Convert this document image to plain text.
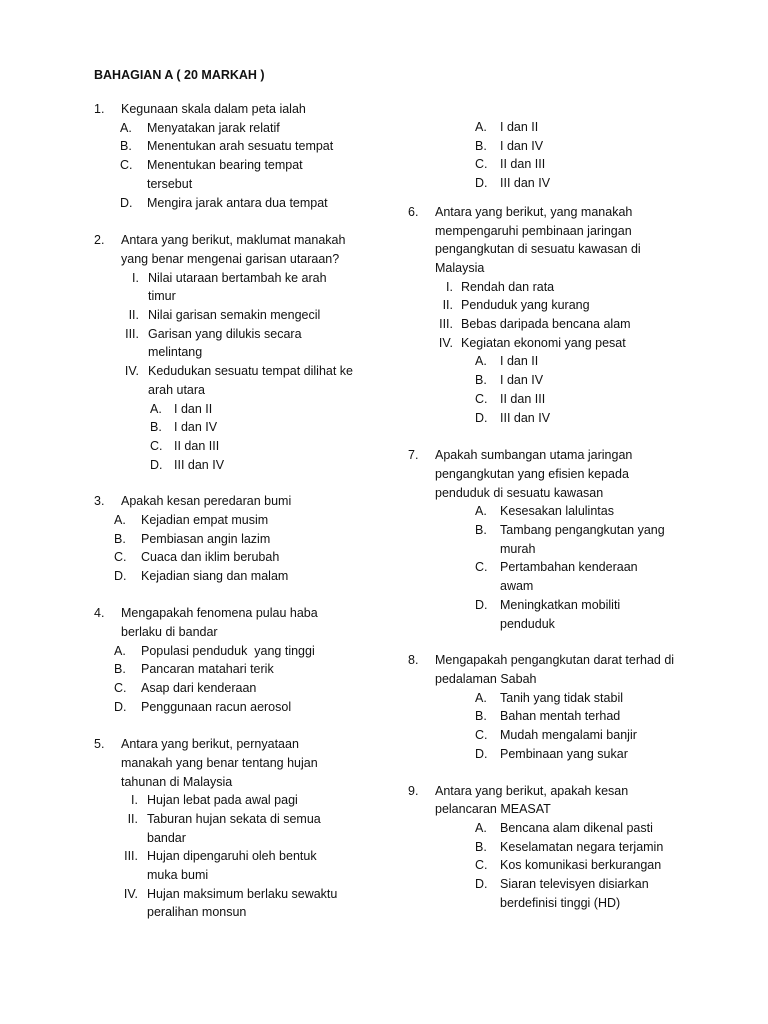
BAHAGIAN A ( 20 MARKAH )
1.	Kegunaan skala dalam peta ialah
A.	Menyatakan jarak relatif
B.	Menentukan arah sesuatu tempat
C.	Menentukan bearing tempat tersebut
D.	Mengira jarak antara dua tempat
2.	Antara yang berikut, maklumat manakah yang benar mengenai garisan utaraan?
I. Nilai utaraan bertambah ke arah timur
II. Nilai garisan semakin mengecil
III. Garisan yang dilukis secara melintang
IV. Kedudukan sesuatu tempat dilihat ke arah utara
A. I dan II
B. I dan IV
C. II dan III
D. III dan IV
3.	Apakah kesan peredaran bumi
A.	Kejadian empat musim
B.	Pembiasan angin lazim
C.	Cuaca dan iklim berubah
D.	Kejadian siang dan malam
4.	Mengapakah fenomena pulau haba berlaku di bandar
A.	Populasi penduduk  yang tinggi
B.	Pancaran matahari terik
C.	Asap dari kenderaan
D.	Penggunaan racun aerosol
5.	Antara yang berikut, pernyataan manakah yang benar tentang hujan tahunan di Malaysia
I. Hujan lebat pada awal pagi
II. Taburan hujan sekata di semua bandar
III. Hujan dipengaruhi oleh bentuk muka bumi
IV. Hujan maksimum berlaku sewaktu peralihan monsun
A.	I dan II
B.	I dan IV
C.	II dan III
D.	III dan IV
6.	Antara yang berikut, yang manakah mempengaruhi pembinaan jaringan pengangkutan di sesuatu kawasan di Malaysia
I. Rendah dan rata
II. Penduduk yang kurang
III. Bebas daripada bencana alam
IV. Kegiatan ekonomi yang pesat
A.	I dan II
B.	I dan IV
C.	II dan III
D.	III dan IV
7.	Apakah sumbangan utama jaringan pengangkutan yang efisien kepada penduduk di sesuatu kawasan
A.	Kesesakan lalulintas
B.	Tambang pengangkutan yang murah
C.	Pertambahan kenderaan awam
D.	Meningkatkan mobiliti penduduk
8.	Mengapakah pengangkutan darat terhad di pedalaman Sabah
A.	Tanih yang tidak stabil
B.	Bahan mentah terhad
C.	Mudah mengalami banjir
D.	Pembinaan yang sukar
9.	Antara yang berikut, apakah kesan pelancaran MEASAT
A.	Bencana alam dikenal pasti
B.	Keselamatan negara terjamin
C.	Kos komunikasi berkurangan
D.	Siaran televisyen disiarkan berdefinisi tinggi (HD)
